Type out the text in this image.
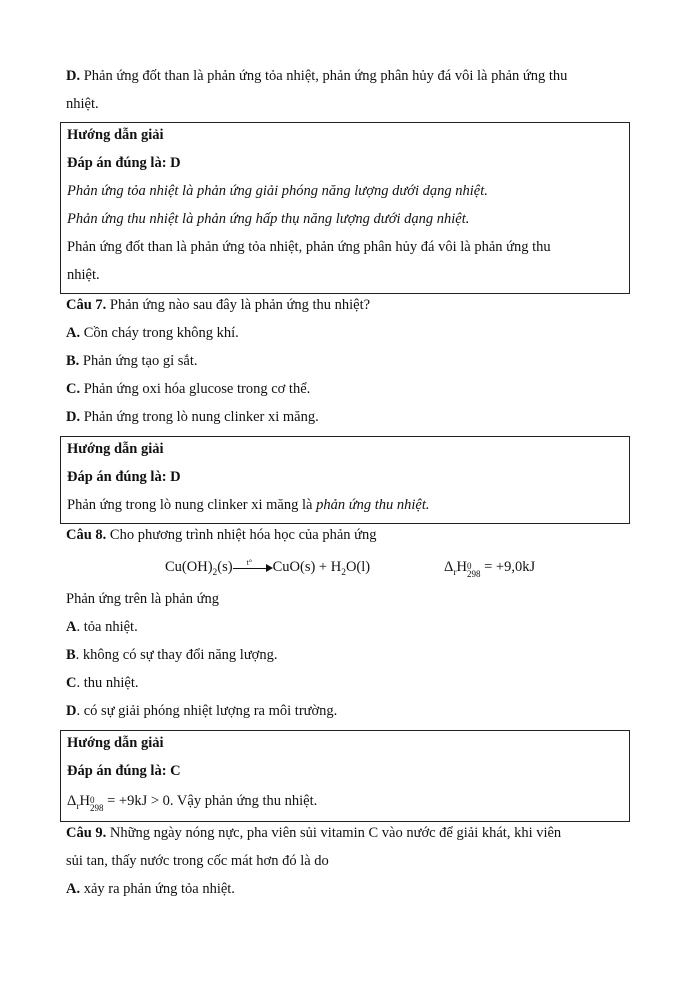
D. Phản ứng đốt than là phản ứng tỏa nhiệt, phản ứng phân hủy đá vôi là phản ứng thu
nhiệt.
Hướng dẫn giải
Đáp án đúng là: D
Phản ứng tỏa nhiệt là phản ứng giải phóng năng lượng dưới dạng nhiệt.
Phản ứng thu nhiệt là phản ứng hấp thụ năng lượng dưới dạng nhiệt.
Phản ứng đốt than là phản ứng tỏa nhiệt, phản ứng phân hủy đá vôi là phản ứng thu
nhiệt.
Câu 7. Phản ứng nào sau đây là phản ứng thu nhiệt?
A. Cồn cháy trong không khí.
B. Phản ứng tạo gỉ sắt.
C. Phản ứng oxi hóa glucose trong cơ thể.
D. Phản ứng trong lò nung clinker xi măng.
Hướng dẫn giải
Đáp án đúng là: D
Phản ứng trong lò nung clinker xi măng là phản ứng thu nhiệt.
Câu 8. Cho phương trình nhiệt hóa học của phản ứng
$Cu(OH)_2(s)$ t° $CuO(s) + H_2O(l)$	$\Delta_rH$ 0
298 = +9,0kJ
Phản ứng trên là phản ứng
A. tỏa nhiệt.
B. không có sự thay đổi năng lượng.
C. thu nhiệt.
D. có sự giải phóng nhiệt lượng ra môi trường.
Hướng dẫn giải
Đáp án đúng là: C
$\Delta_rH$ 0
298 = +9kJ > 0. Vậy phản ứng thu nhiệt.
Câu 9. Những ngày nóng nực, pha viên sủi vitamin C vào nước để giải khát, khi viên
sủi tan, thấy nước trong cốc mát hơn đó là do
A. xảy ra phản ứng tỏa nhiệt.
